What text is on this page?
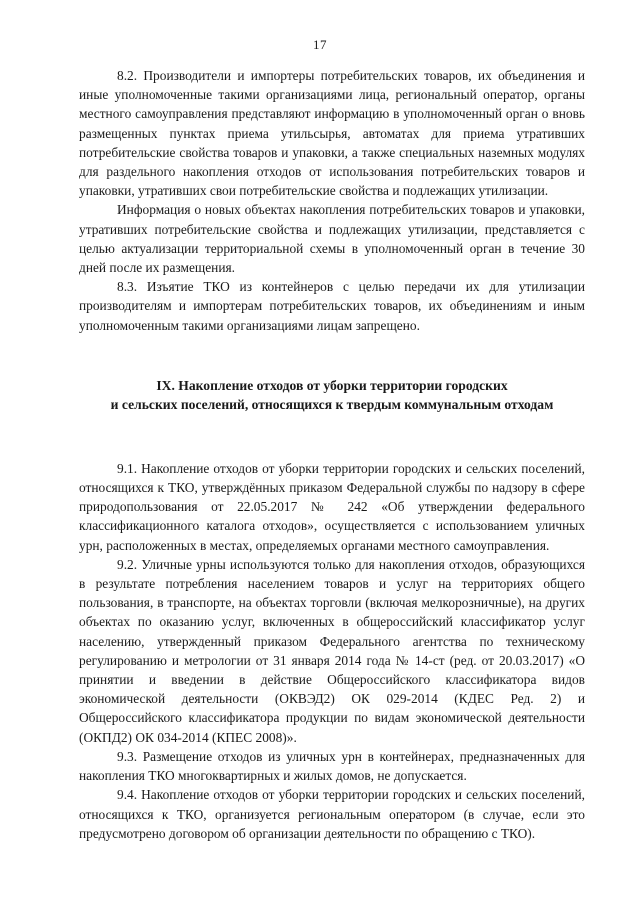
17

8.2. Производители и импортеры потребительских товаров, их объединения и иные уполномоченные такими организациями лица, региональный оператор, органы местного самоуправления представляют информацию в уполномоченный орган о вновь размещенных пунктах приема утильсырья, автоматах для приема утративших потребительские свойства товаров и упаковки, а также специальных наземных модулях для раздельного накопления отходов от использования потребительских товаров и упаковки, утративших свои потребительские свойства и подлежащих утилизации.

Информация о новых объектах накопления потребительских товаров и упаковки, утративших потребительские свойства и подлежащих утилизации, представляется с целью актуализации территориальной схемы в уполномоченный орган в течение 30 дней после их размещения.

8.3. Изъятие ТКО из контейнеров с целью передачи их для утилизации производителям и импортерам потребительских товаров, их объединениям и иным уполномоченным такими организациями лицам запрещено.

IX. Накопление отходов от уборки территории городских
и сельских поселений, относящихся к твердым коммунальным отходам

9.1. Накопление отходов от уборки территории городских и сельских поселений, относящихся к ТКО, утверждённых приказом Федеральной службы по надзору в сфере природопользования от 22.05.2017 № 242 «Об утверждении федерального классификационного каталога отходов», осуществляется с использованием уличных урн, расположенных в местах, определяемых органами местного самоуправления.

9.2. Уличные урны используются только для накопления отходов, образующихся в результате потребления населением товаров и услуг на территориях общего пользования, в транспорте, на объектах торговли (включая мелкорозничные), на других объектах по оказанию услуг, включенных в общероссийский классификатор услуг населению, утвержденный приказом Федерального агентства по техническому регулированию и метрологии от 31 января 2014 года № 14-ст (ред. от 20.03.2017) «О принятии и введении в действие Общероссийского классификатора видов экономической деятельности (ОКВЭД2) ОК 029-2014 (КДЕС Ред. 2) и Общероссийского классификатора продукции по видам экономической деятельности (ОКПД2) ОК 034-2014 (КПЕС 2008)».

9.3. Размещение отходов из уличных урн в контейнерах, предназначенных для накопления ТКО многоквартирных и жилых домов, не допускается.

9.4. Накопление отходов от уборки территории городских и сельских поселений, относящихся к ТКО, организуется региональным оператором (в случае, если это предусмотрено договором об организации деятельности по обращению с ТКО).
